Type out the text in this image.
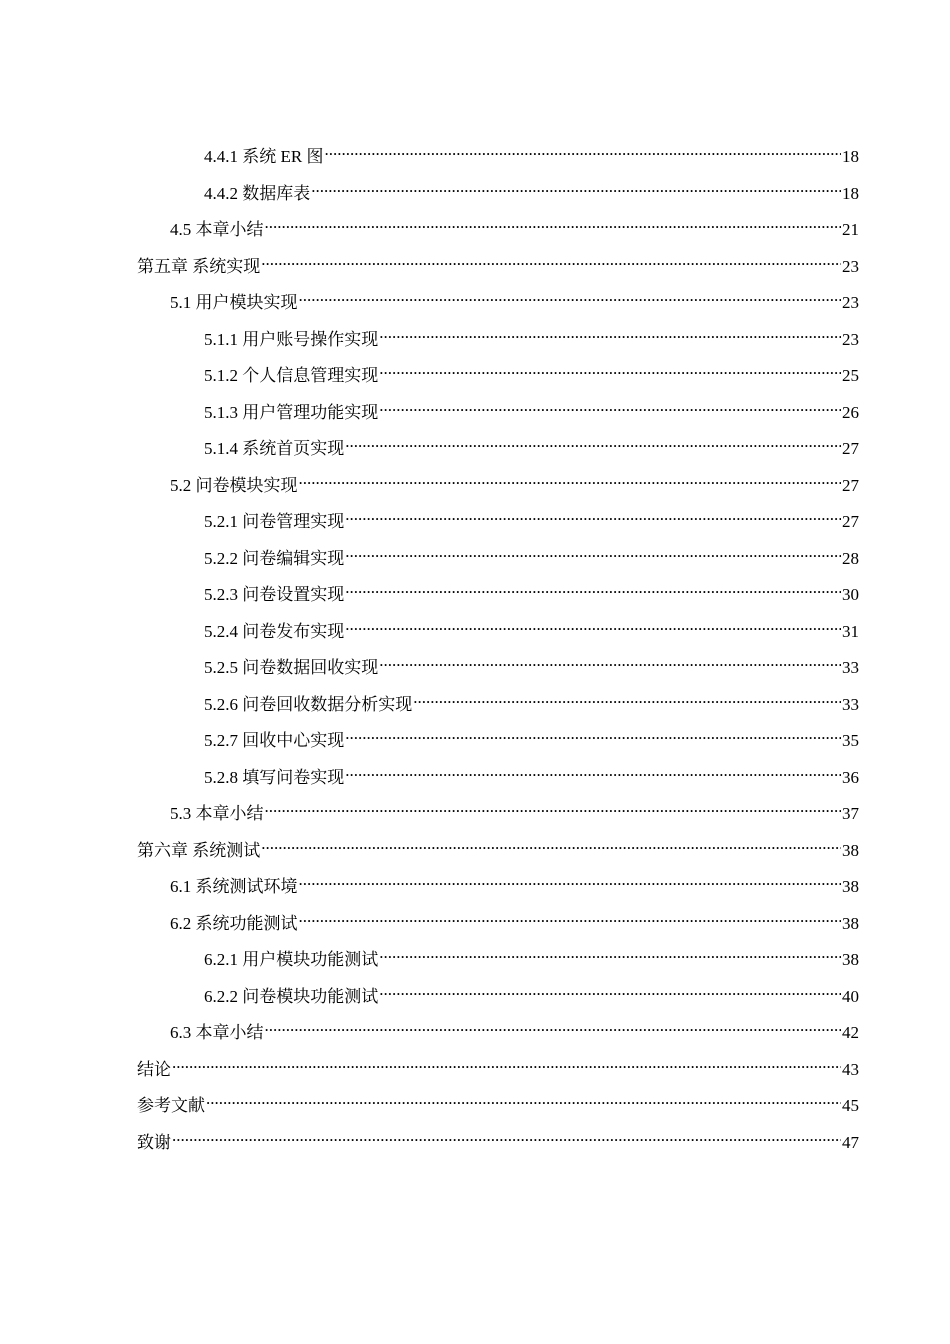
4.4.1 系统 ER 图 .....	18
4.4.2 数据库表 .....	18
4.5 本章小结 .....	21
第五章 系统实现 .....	23
5.1 用户模块实现 .....	23
5.1.1 用户账号操作实现 .....	23
5.1.2 个人信息管理实现 .....	25
5.1.3 用户管理功能实现 .....	26
5.1.4 系统首页实现 .....	27
5.2 问卷模块实现 .....	27
5.2.1 问卷管理实现 .....	27
5.2.2 问卷编辑实现 .....	28
5.2.3 问卷设置实现 .....	30
5.2.4 问卷发布实现 .....	31
5.2.5 问卷数据回收实现 .....	33
5.2.6 问卷回收数据分析实现 .....	33
5.2.7 回收中心实现 .....	35
5.2.8 填写问卷实现 .....	36
5.3 本章小结 .....	37
第六章 系统测试 .....	38
6.1 系统测试环境 .....	38
6.2 系统功能测试 .....	38
6.2.1 用户模块功能测试 .....	38
6.2.2 问卷模块功能测试 .....	40
6.3 本章小结 .....	42
结论 .....	43
参考文献 .....	45
致谢 .....	47
